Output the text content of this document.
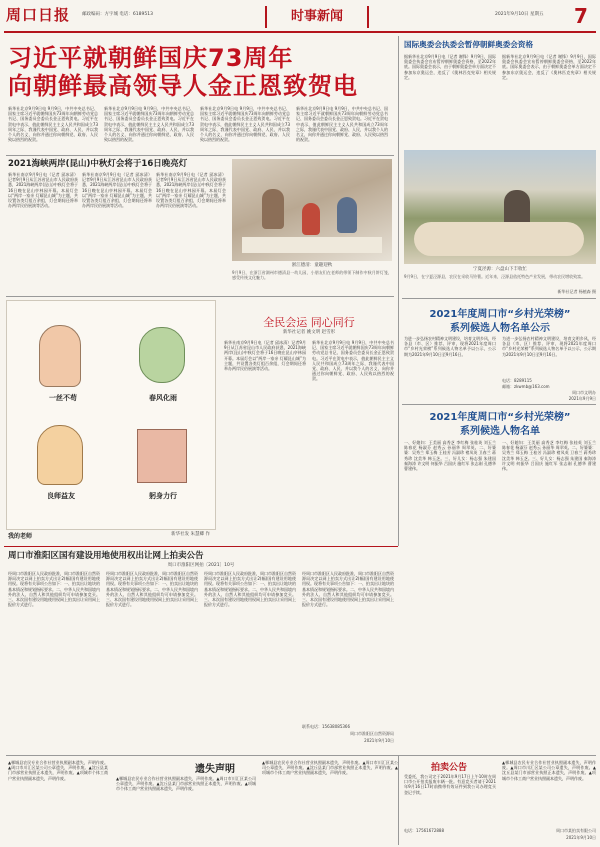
周口日报	邮政编码：方宇城 电话：6189513	时事新闻	2021年9月10日 星期五	7
习近平就朝鲜国庆73周年
向朝鲜最高领导人金正恩致贺电
新华社北京9月9日电 9月9日，中共中央总书记、国家主席习近平就朝鲜国庆73周年向朝鲜劳动党总书记、国务委员会委员长金正恩致贺电。习近平在贺电中表示，值此朝鲜民主主义人民共和国成立73周年之际，我谨代表中国党、政府、人民，并以我个人的名义，向你并通过你向朝鲜党、政府、人民致以热烈的祝贺。
新华社北京9月9日电 9月9日，中共中央总书记、国家主席习近平就朝鲜国庆73周年向朝鲜劳动党总书记、国务委员会委员长金正恩致贺电。习近平在贺电中表示，值此朝鲜民主主义人民共和国成立73周年之际，我谨代表中国党、政府、人民，并以我个人的名义，向你并通过你向朝鲜党、政府、人民致以热烈的祝贺。
新华社北京9月9日电 9月9日，中共中央总书记、国家主席习近平就朝鲜国庆73周年向朝鲜劳动党总书记、国务委员会委员长金正恩致贺电。习近平在贺电中表示，值此朝鲜民主主义人民共和国成立73周年之际，我谨代表中国党、政府、人民，并以我个人的名义，向你并通过你向朝鲜党、政府、人民致以热烈的祝贺。
新华社北京9月9日电 9月9日，中共中央总书记、国家主席习近平就朝鲜国庆73周年向朝鲜劳动党总书记、国务委员会委员长金正恩致贺电。习近平在贺电中表示，值此朝鲜民主主义人民共和国成立73周年之际，我谨代表中国党、政府、人民，并以我个人的名义，向你并通过你向朝鲜党、政府、人民致以热烈的祝贺。
2021海峡两岸(昆山)中秋灯会将于16日晚亮灯
新华社南京9月9日电（记者 邱冰清）记者9月9日从江苏省昆山市人民政府获悉，2021海峡两岸(昆山)中秋灯会将于16日晚在昆山亭林园开幕。本届灯会以“两岸一家亲 灯耀昆山城”为主题，共设置各类灯组百余组，灯会期间还将举办两岸民俗展演等活动。
新华社南京9月9日电（记者 邱冰清）记者9月9日从江苏省昆山市人民政府获悉，2021海峡两岸(昆山)中秋灯会将于16日晚在昆山亭林园开幕。本届灯会以“两岸一家亲 灯耀昆山城”为主题，共设置各类灯组百余组，灯会期间还将举办两岸民俗展演等活动。
新华社南京9月9日电（记者 邱冰清）记者9月9日从江苏省昆山市人民政府获悉，2021海峡两岸(昆山)中秋灯会将于16日晚在昆山亭林园开幕。本届灯会以“两岸一家亲 灯耀昆山城”为主题，共设置各类灯组百余组，灯会期间还将举办两岸民俗展演等活动。
浙江德清：童趣迎秋
9月9日，在浙江省湖州市德清县一幼儿园，小朋友们在老师的带领下制作中秋月饼灯笼，感受传统文化魅力。
一丝不苟	春风化雨
良师益友	躬身力行
我的老师	新华社发 朱慧卿 作
全民会运 同心同行
新华社记者 姚文明 赵雪彤
新华社南京9月9日电（记者 邱冰清）记者9月9日从江苏省昆山市人民政府获悉，2021海峡两岸(昆山)中秋灯会将于16日晚在昆山亭林园开幕。本届灯会以“两岸一家亲 灯耀昆山城”为主题，共设置各类灯组百余组，灯会期间还将举办两岸民俗展演等活动。
新华社北京9月9日电 9月9日，中共中央总书记、国家主席习近平就朝鲜国庆73周年向朝鲜劳动党总书记、国务委员会委员长金正恩致贺电。习近平在贺电中表示，值此朝鲜民主主义人民共和国成立73周年之际，我谨代表中国党、政府、人民，并以我个人的名义，向你并通过你向朝鲜党、政府、人民致以热烈的祝贺。
周口市淮阳区国有建设用地使用权出让网上拍卖公告
周口市淮阳区网拍〔2021〕10号
经周口市淮阳区人民政府批准，周口市淮阳区自然资源局决定以网上拍卖方式出让2(幅)国有建设用地使用权。现将有关事项公告如下：一、拍卖出让地块的基本情况和规划指标要求。二、中华人民共和国境内外的法人、自然人和其他组织均可申请参加竞买。三、本次国有建设用地使用权网上拍卖出让采用网上报价方式进行。
经周口市淮阳区人民政府批准，周口市淮阳区自然资源局决定以网上拍卖方式出让2(幅)国有建设用地使用权。现将有关事项公告如下：一、拍卖出让地块的基本情况和规划指标要求。二、中华人民共和国境内外的法人、自然人和其他组织均可申请参加竞买。三、本次国有建设用地使用权网上拍卖出让采用网上报价方式进行。
经周口市淮阳区人民政府批准，周口市淮阳区自然资源局决定以网上拍卖方式出让2(幅)国有建设用地使用权。现将有关事项公告如下：一、拍卖出让地块的基本情况和规划指标要求。二、中华人民共和国境内外的法人、自然人和其他组织均可申请参加竞买。三、本次国有建设用地使用权网上拍卖出让采用网上报价方式进行。
经周口市淮阳区人民政府批准，周口市淮阳区自然资源局决定以网上拍卖方式出让2(幅)国有建设用地使用权。现将有关事项公告如下：一、拍卖出让地块的基本情况和规划指标要求。二、中华人民共和国境内外的法人、自然人和其他组织均可申请参加竞买。三、本次国有建设用地使用权网上拍卖出让采用网上报价方式进行。
联系电话：15638085366
周口市淮阳区自然资源局
2021年9月10日
▲郸城县农民专业合作社营业执照副本遗失，声明作废。▲周口市川汇区某公司公章遗失，声明作废。▲沈丘县某门市部营业执照正本遗失，声明作废。▲项城市个体工商户营业执照副本遗失，声明作废。
遗失声明
▲郸城县农民专业合作社营业执照副本遗失，声明作废。▲周口市川汇区某公司公章遗失，声明作废。▲沈丘县某门市部营业执照正本遗失，声明作废。▲项城市个体工商户营业执照副本遗失，声明作废。
▲郸城县农民专业合作社营业执照副本遗失，声明作废。▲周口市川汇区某公司公章遗失，声明作废。▲沈丘县某门市部营业执照正本遗失，声明作废。▲项城市个体工商户营业执照副本遗失，声明作废。
国际奥委会执委会暂停朝鲜奥委会资格
据新华社北京9月9日电（记者 谢锋）9月9日，国际奥委会执委会宣布暂停朝鲜奥委会资格，至2022年底。国际奥委会表示，由于朝鲜奥委会单方面决定不参加东京奥运会，违反了《奥林匹克宪章》相关规定。
据新华社北京9月9日电（记者 谢锋）9月9日，国际奥委会执委会宣布暂停朝鲜奥委会资格，至2022年底。国际奥委会表示，由于朝鲜奥委会单方面决定不参加东京奥运会，违反了《奥林匹克宪章》相关规定。
宁夏泾源：六盘山下丰收忙
9月9日，在宁夏泾源县，农民在采收马铃薯。近年来，泾源县依托特色产业发展，带动农民增收致富。
新华社记者 杨植森 摄
2021年度周口市“乡村光荣榜”
系列候选人物名单公示
为进一步弘扬农村精神文明建设，培育文明乡风，经各县（市、区）推荐、评审，现将2021年度周口市“乡村光荣榜”系列候选人物名单予以公示，公示期为2021年9月10日至9月16日。
为进一步弘扬农村精神文明建设，培育文明乡风，经各县（市、区）推荐、评审，现将2021年度周口市“乡村光荣榜”系列候选人物名单予以公示，公示期为2021年9月10日至9月16日。
电话：8289115
邮箱：zkwmb@163.com
周口市文明办
2021年9月9日
2021年度周口市“乡村光荣榜”
系列候选人物名单
一、好媳妇：王美丽 高秀芝 李红梅 张桂英 刘玉兰 陈春花 杨淑芬 赵秀云 孙丽华 周翠英。二、好婆婆：吴秀兰 郑玉梅 王桂芳 冯淑珍 褚凤英 卫春兰 蒋秀珍 沈美华 韩玉芝。三、好儿女：杨志强 朱建国 秦海涛 许文明 何振华 吕国庆 施红军 张志刚 孔德华 曹建伟。
一、好媳妇：王美丽 高秀芝 李红梅 张桂英 刘玉兰 陈春花 杨淑芬 赵秀云 孙丽华 周翠英。二、好婆婆：吴秀兰 郑玉梅 王桂芳 冯淑珍 褚凤英 卫春兰 蒋秀珍 沈美华 韩玉芝。三、好儿女：杨志强 朱建国 秦海涛 许文明 何振华 吕国庆 施红军 张志刚 孔德华 曹建伟。
拍卖公告
受委托，我公司定于2021年9月17日上午10时在周口市公开拍卖报废车辆一批。有意竞买者请于2021年9月16日17时前携带有效证件到我公司办理竞买登记手续。
电话：17561672888	周口市某拍卖有限公司
2021年9月10日
▲郸城县农民专业合作社营业执照副本遗失，声明作废。▲周口市川汇区某公司公章遗失，声明作废。▲沈丘县某门市部营业执照正本遗失，声明作废。▲项城市个体工商户营业执照副本遗失，声明作废。
